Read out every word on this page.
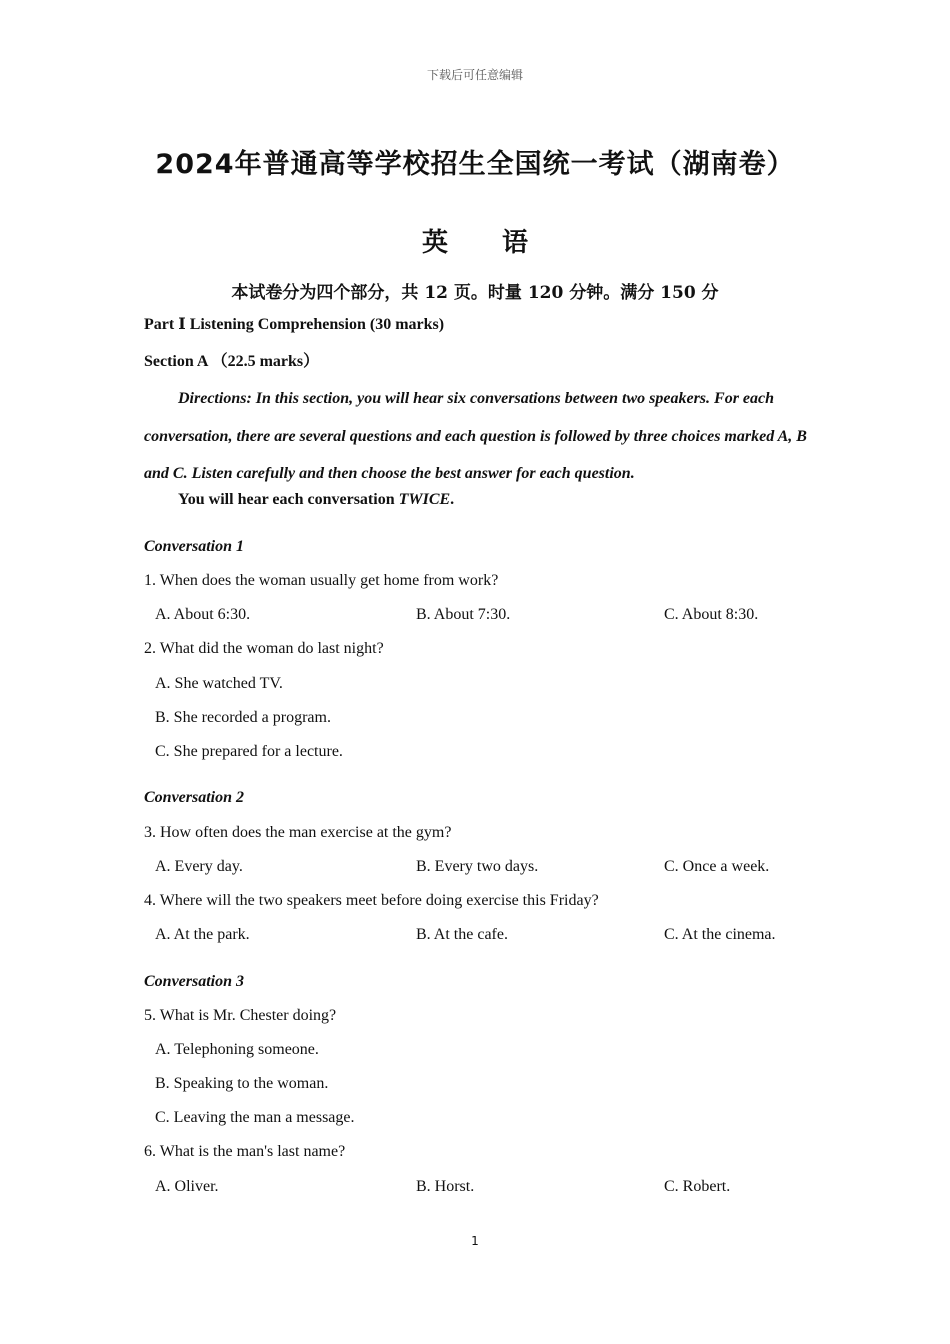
下载后可任意编辑
2024年普通高等学校招生全国统一考试（湖南卷）
英 语
本试卷分为四个部分，共 12 页。时量 120 分钟。满分 150 分
Part Ⅰ Listening Comprehension (30 marks)
Section A （22.5 marks）
Directions: In this section, you will hear six conversations between two speakers. For each conversation, there are several questions and each question is followed by three choices marked A, B and C. Listen carefully and then choose the best answer for each question.
You will hear each conversation TWICE.
Conversation 1
1. When does the woman usually get home from work?
A. About 6:30.	B. About 7:30.	C. About 8:30.
2. What did the woman do last night?
A. She watched TV.
B. She recorded a program.
C. She prepared for a lecture.
Conversation 2
3. How often does the man exercise at the gym?
A. Every day.	B. Every two days.	C. Once a week.
4. Where will the two speakers meet before doing exercise this Friday?
A. At the park.	B. At the cafe.	C. At the cinema.
Conversation 3
5. What is Mr. Chester doing?
A. Telephoning someone.
B. Speaking to the woman.
C. Leaving the man a message.
6. What is the man's last name?
A. Oliver.	B. Horst.	C. Robert.
1
